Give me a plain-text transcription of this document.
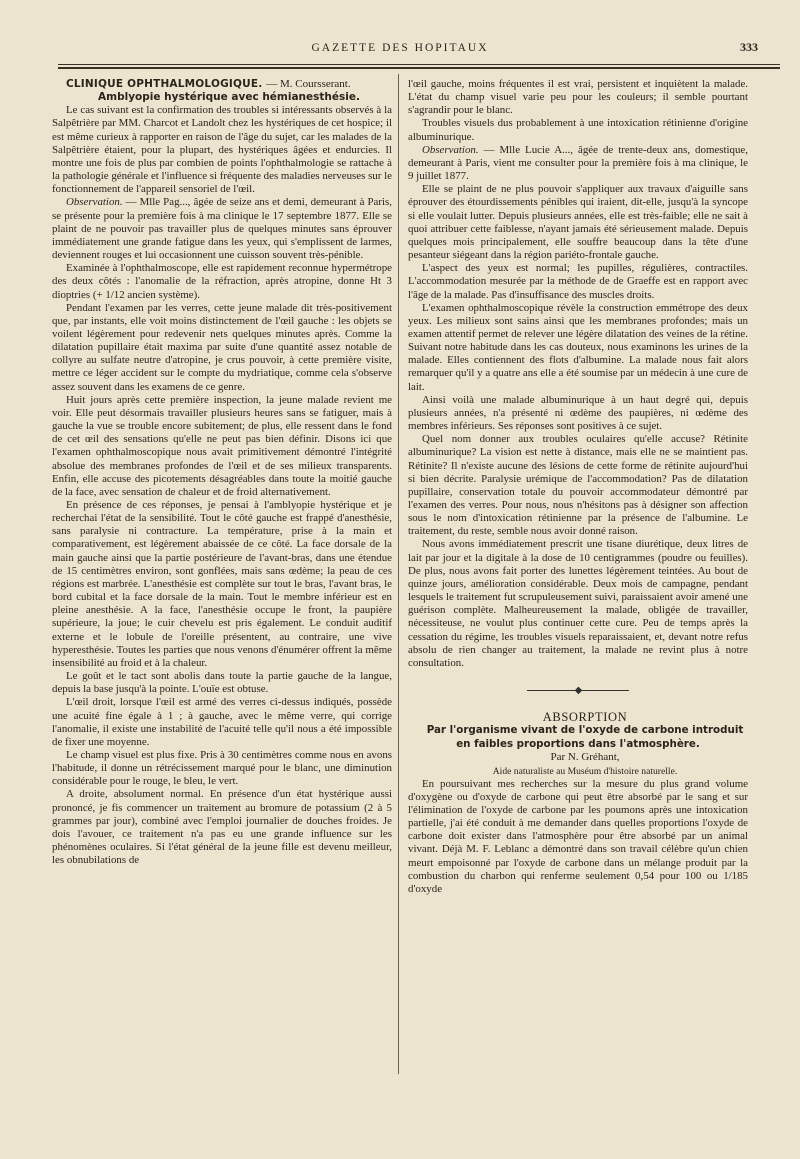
GAZETTE DES HOPITAUX	333

CLINIQUE OPHTHALMOLOGIQUE. — M. Coursserant.

Amblyopie hystérique avec hémianesthésie.

Le cas suivant est la confirmation des troubles si intéressants observés à la Salpêtrière par MM. Charcot et Landolt chez les hystériques de cet hospice; il est même curieux à rapporter en raison de l'âge du sujet, car les malades de la Salpêtrière étaient, pour la plupart, des hystériques âgées et endurcies. Il montre une fois de plus par combien de points l'ophthalmologie se rattache à la pathologie générale et l'influence si fréquente des maladies nerveuses sur le fonctionnement de l'appareil sensoriel de l'œil.

Observation. — Mlle Pag..., âgée de seize ans et demi, demeurant à Paris, se présente pour la première fois à ma clinique le 17 septembre 1877. Elle se plaint de ne pouvoir pas travailler plus de quelques minutes sans éprouver immédiatement une grande fatigue dans les yeux, qui s'emplissent de larmes, deviennent rouges et lui occasionnent une cuisson souvent très-pénible.

Examinée à l'ophthalmoscope, elle est rapidement reconnue hypermétrope des deux côtés : l'anomalie de la réfraction, après atropine, donne Ht 3 dioptries (+ 1/12 ancien système).

Pendant l'examen par les verres, cette jeune malade dit très-positivement que, par instants, elle voit moins distinctement de l'œil gauche : les objets se voilent légèrement pour redevenir nets quelques minutes après. Comme la dilatation pupillaire était maxima par suite d'une quantité assez notable de collyre au sulfate neutre d'atropine, je crus pouvoir, à cette première visite, mettre ce léger accident sur le compte du mydriatique, comme cela s'observe assez souvent dans les examens de ce genre.

Huit jours après cette première inspection, la jeune malade revient me voir. Elle peut désormais travailler plusieurs heures sans se fatiguer, mais à gauche la vue se trouble encore subitement; de plus, elle ressent dans le fond de cet œil des sensations qu'elle ne peut pas bien définir. Disons ici que l'examen ophthalmoscopique nous avait primitivement démontré l'intégrité absolue des membranes profondes de l'œil et de ses milieux transparents. Enfin, elle accuse des picotements désagréables dans toute la moitié gauche de la face, avec sensation de chaleur et de froid alternativement.

En présence de ces réponses, je pensai à l'amblyopie hystérique et je recherchai l'état de la sensibilité. Tout le côté gauche est frappé d'anesthésie, sans paralysie ni contracture. La température, prise à la main et comparativement, est légèrement abaissée de ce côté. La face dorsale de la main gauche ainsi que la partie postérieure de l'avant-bras, dans une étendue de 15 centimètres environ, sont gonflées, mais sans œdème; la peau de ces régions est marbrée. L'anesthésie est complète sur tout le bras, l'avant bras, le bord cubital et la face dorsale de la main. Tout le membre inférieur est en pleine anesthésie. A la face, l'anesthésie occupe le front, la paupière supérieure, la joue; le cuir chevelu est pris également. Le conduit auditif externe et le lobule de l'oreille présentent, au contraire, une vive hyperesthésie. Toutes les parties que nous venons d'énumérer offrent la même insensibilité au froid et à la chaleur.

Le goût et le tact sont abolis dans toute la partie gauche de la langue, depuis la base jusqu'à la pointe. L'ouïe est obtuse.

L'œil droit, lorsque l'œil est armé des verres ci-dessus indiqués, possède une acuité fine égale à 1 ; à gauche, avec le même verre, qui corrige l'anomalie, il existe une instabilité de l'acuité telle qu'il nous a été impossible de fixer une moyenne.

Le champ visuel est plus fixe. Pris à 30 centimètres comme nous en avons l'habitude, il donne un rétrécissement marqué pour le blanc, une diminution considérable pour le rouge, le bleu, le vert.

A droite, absolument normal. En présence d'un état hystérique aussi prononcé, je fis commencer un traitement au bromure de potassium (2 à 5 grammes par jour), combiné avec l'emploi journalier de douches froides. Je dois l'avouer, ce traitement n'a pas eu une grande influence sur les phénomènes oculaires. Si l'état général de la jeune fille est devenu meilleur, les obnubilations de

l'œil gauche, moins fréquentes il est vrai, persistent et inquiètent la malade. L'état du champ visuel varie peu pour les couleurs; il semble pourtant s'agrandir pour le blanc.

Troubles visuels dus probablement à une intoxication rétinienne d'origine albuminurique.

Observation. — Mlle Lucie A..., âgée de trente-deux ans, domestique, demeurant à Paris, vient me consulter pour la première fois à ma clinique, le 9 juillet 1877.

Elle se plaint de ne plus pouvoir s'appliquer aux travaux d'aiguille sans éprouver des étourdissements pénibles qui iraient, dit-elle, jusqu'à la syncope si elle voulait lutter. Depuis plusieurs années, elle est très-faible; elle ne sait à quoi attribuer cette faiblesse, n'ayant jamais été sérieusement malade. Depuis quelques mois principalement, elle souffre beaucoup dans la tête d'une pesanteur siégeant dans la région pariéto-frontale gauche.

L'aspect des yeux est normal; les pupilles, régulières, contractiles. L'accommodation mesurée par la méthode de de Graeffe est en rapport avec l'âge de la malade. Pas d'insuffisance des muscles droits.

L'examen ophthalmoscopique révèle la construction emmétrope des deux yeux. Les milieux sont sains ainsi que les membranes profondes; mais un examen attentif permet de relever une légère dilatation des veines de la rétine. Suivant notre habitude dans les cas douteux, nous examinons les urines de la malade. Elles contiennent des flots d'albumine. La malade nous fait alors remarquer qu'il y a quatre ans elle a été soumise par un médecin à une cure de lait.

Ainsi voilà une malade albuminurique à un haut degré qui, depuis plusieurs années, n'a présenté ni œdème des paupières, ni œdème des membres inférieurs. Ses réponses sont positives à ce sujet.

Quel nom donner aux troubles oculaires qu'elle accuse? Rétinite albuminurique? La vision est nette à distance, mais elle ne se maintient pas. Rétinite? Il n'existe aucune des lésions de cette forme de rétinite aujourd'hui si bien décrite. Paralysie urémique de l'accommodation? Pas de dilatation pupillaire, conservation totale du pouvoir accommodateur démontré par l'examen des verres. Pour nous, nous n'hésitons pas à désigner son affection sous le nom d'intoxication rétinienne par la présence de l'albumine. Le traitement, du reste, semble nous avoir donné raison.

Nous avons immédiatement prescrit une tisane diurétique, deux litres de lait par jour et la digitale à la dose de 10 centigrammes (poudre ou feuilles). De plus, nous avons fait porter des lunettes légèrement teintées. Au bout de quinze jours, amélioration considérable. Deux mois de campagne, pendant lesquels le traitement fut scrupuleusement suivi, paraissaient avoir amené une guérison complète. Malheureusement la malade, obligée de travailler, nécessiteuse, ne voulut plus continuer cette cure. Peu de temps après la cessation du régime, les troubles visuels reparaissaient, et, devant notre refus absolu de rien changer au traitement, la malade ne revint plus à notre consultation.

◆

ABSORPTION

Par l'organisme vivant de l'oxyde de carbone introduit en faibles proportions dans l'atmosphère.

Par N. Gréhant,

Aide naturaliste au Muséum d'histoire naturelle.

En poursuivant mes recherches sur la mesure du plus grand volume d'oxygène ou d'oxyde de carbone qui peut être absorbé par le sang et sur l'élimination de l'oxyde de carbone par les poumons après une intoxication partielle, j'ai été conduit à me demander dans quelles proportions l'oxyde de carbone doit exister dans l'atmosphère pour être absorbé par un animal vivant. Déjà M. F. Leblanc a démontré dans son travail célèbre qu'un chien meurt empoisonné par l'oxyde de carbone dans un mélange produit par la combustion du charbon qui renferme seulement 0,54 pour 100 ou 1/185 d'oxyde
